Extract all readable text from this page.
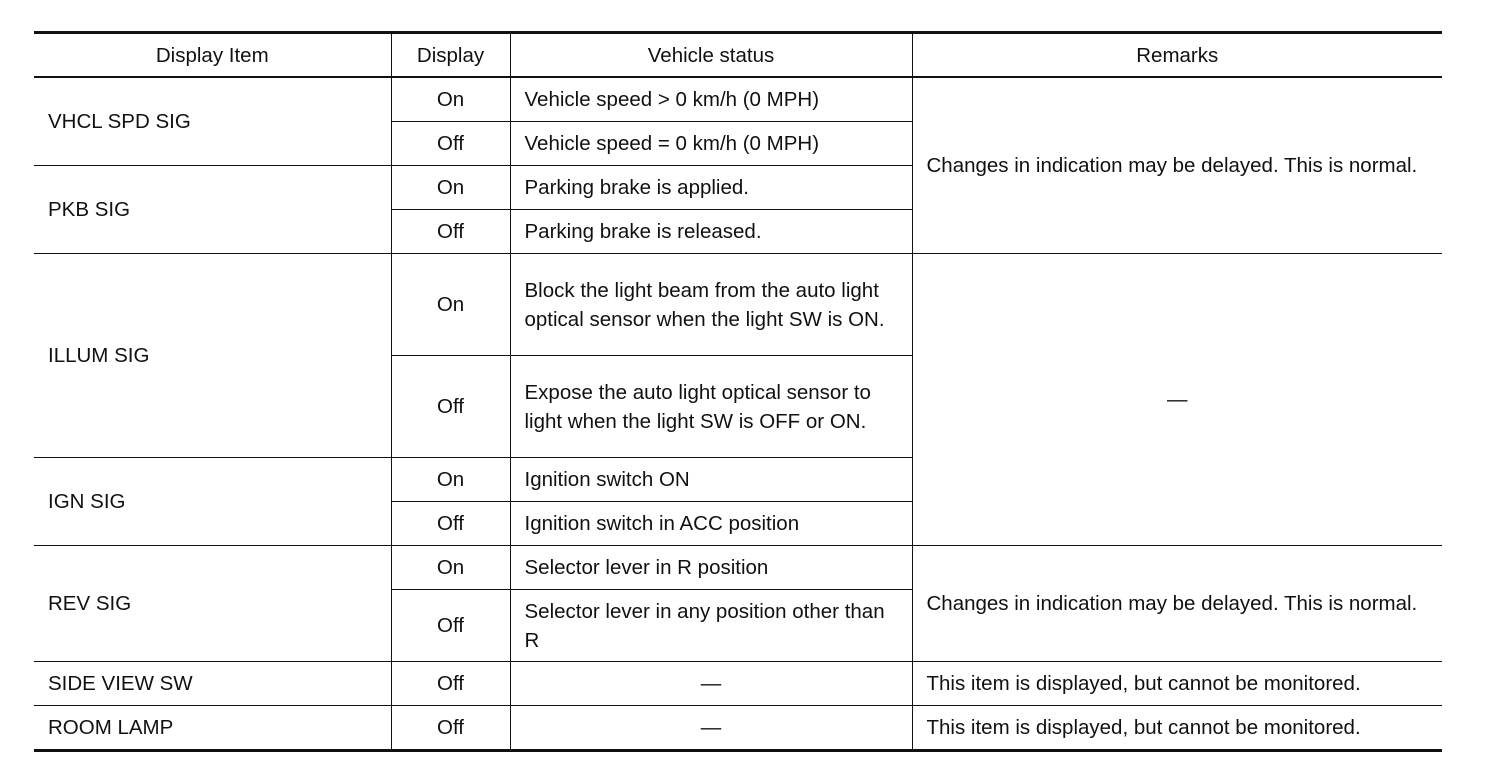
Display Item	Display	Vehicle status	Remarks
VHCL SPD SIG	On	Vehicle speed > 0 km/h (0 MPH)	Changes in indication may be delayed. This is normal.
	Off	Vehicle speed = 0 km/h (0 MPH)	
PKB SIG	On	Parking brake is applied.	
	Off	Parking brake is released.	
ILLUM SIG	On	Block the light beam from the auto light optical sensor when the light SW is ON.	—
	Off	Expose the auto light optical sensor to light when the light SW is OFF or ON.	
IGN SIG	On	Ignition switch ON	
	Off	Ignition switch in ACC position	
REV SIG	On	Selector lever in R position	Changes in indication may be delayed. This is normal.
	Off	Selector lever in any position other than R	
SIDE VIEW SW	Off	—	This item is displayed, but cannot be monitored.
ROOM LAMP	Off	—	This item is displayed, but cannot be monitored.
